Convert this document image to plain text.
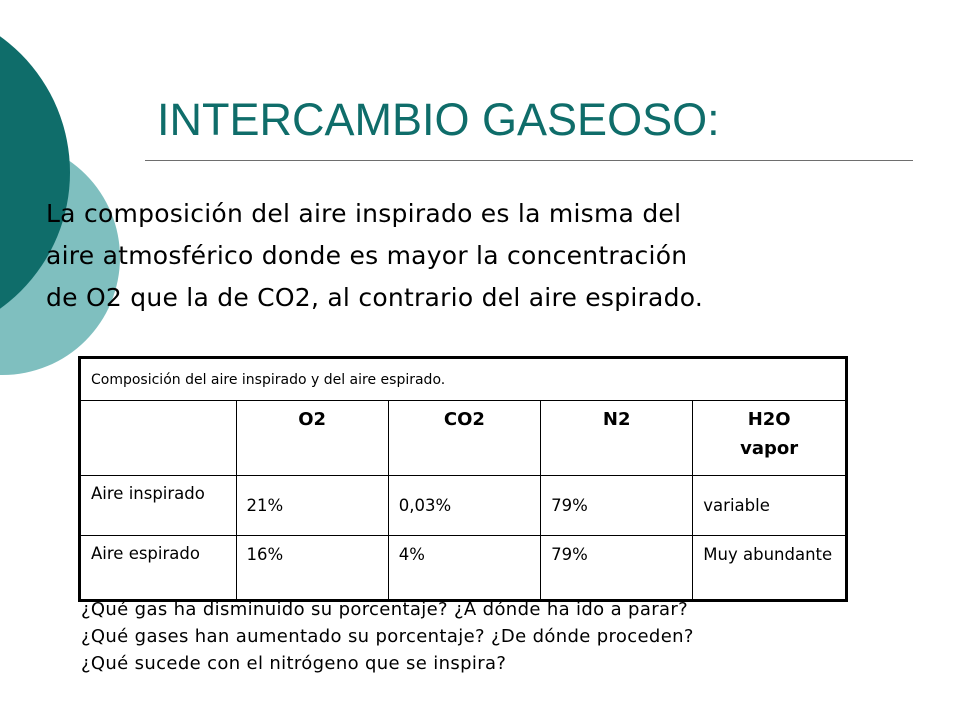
INTERCAMBIO GASEOSO:

La composición del aire inspirado es la misma del
aire atmosférico donde es mayor la concentración
de O2 que la de CO2, al contrario del aire espirado.

Composición del aire inspirado y del aire espirado.				
	O2	CO2	N2	H2O
vapor
Aire inspirado	21%	0,03%	79%	variable
Aire espirado	16%	4%	79%	Muy abundante
¿Qué gas ha disminuido su porcentaje? ¿A dónde ha ido a parar?
¿Qué gases han aumentado su porcentaje? ¿De dónde proceden?
¿Qué sucede con el nitrógeno que se inspira?
